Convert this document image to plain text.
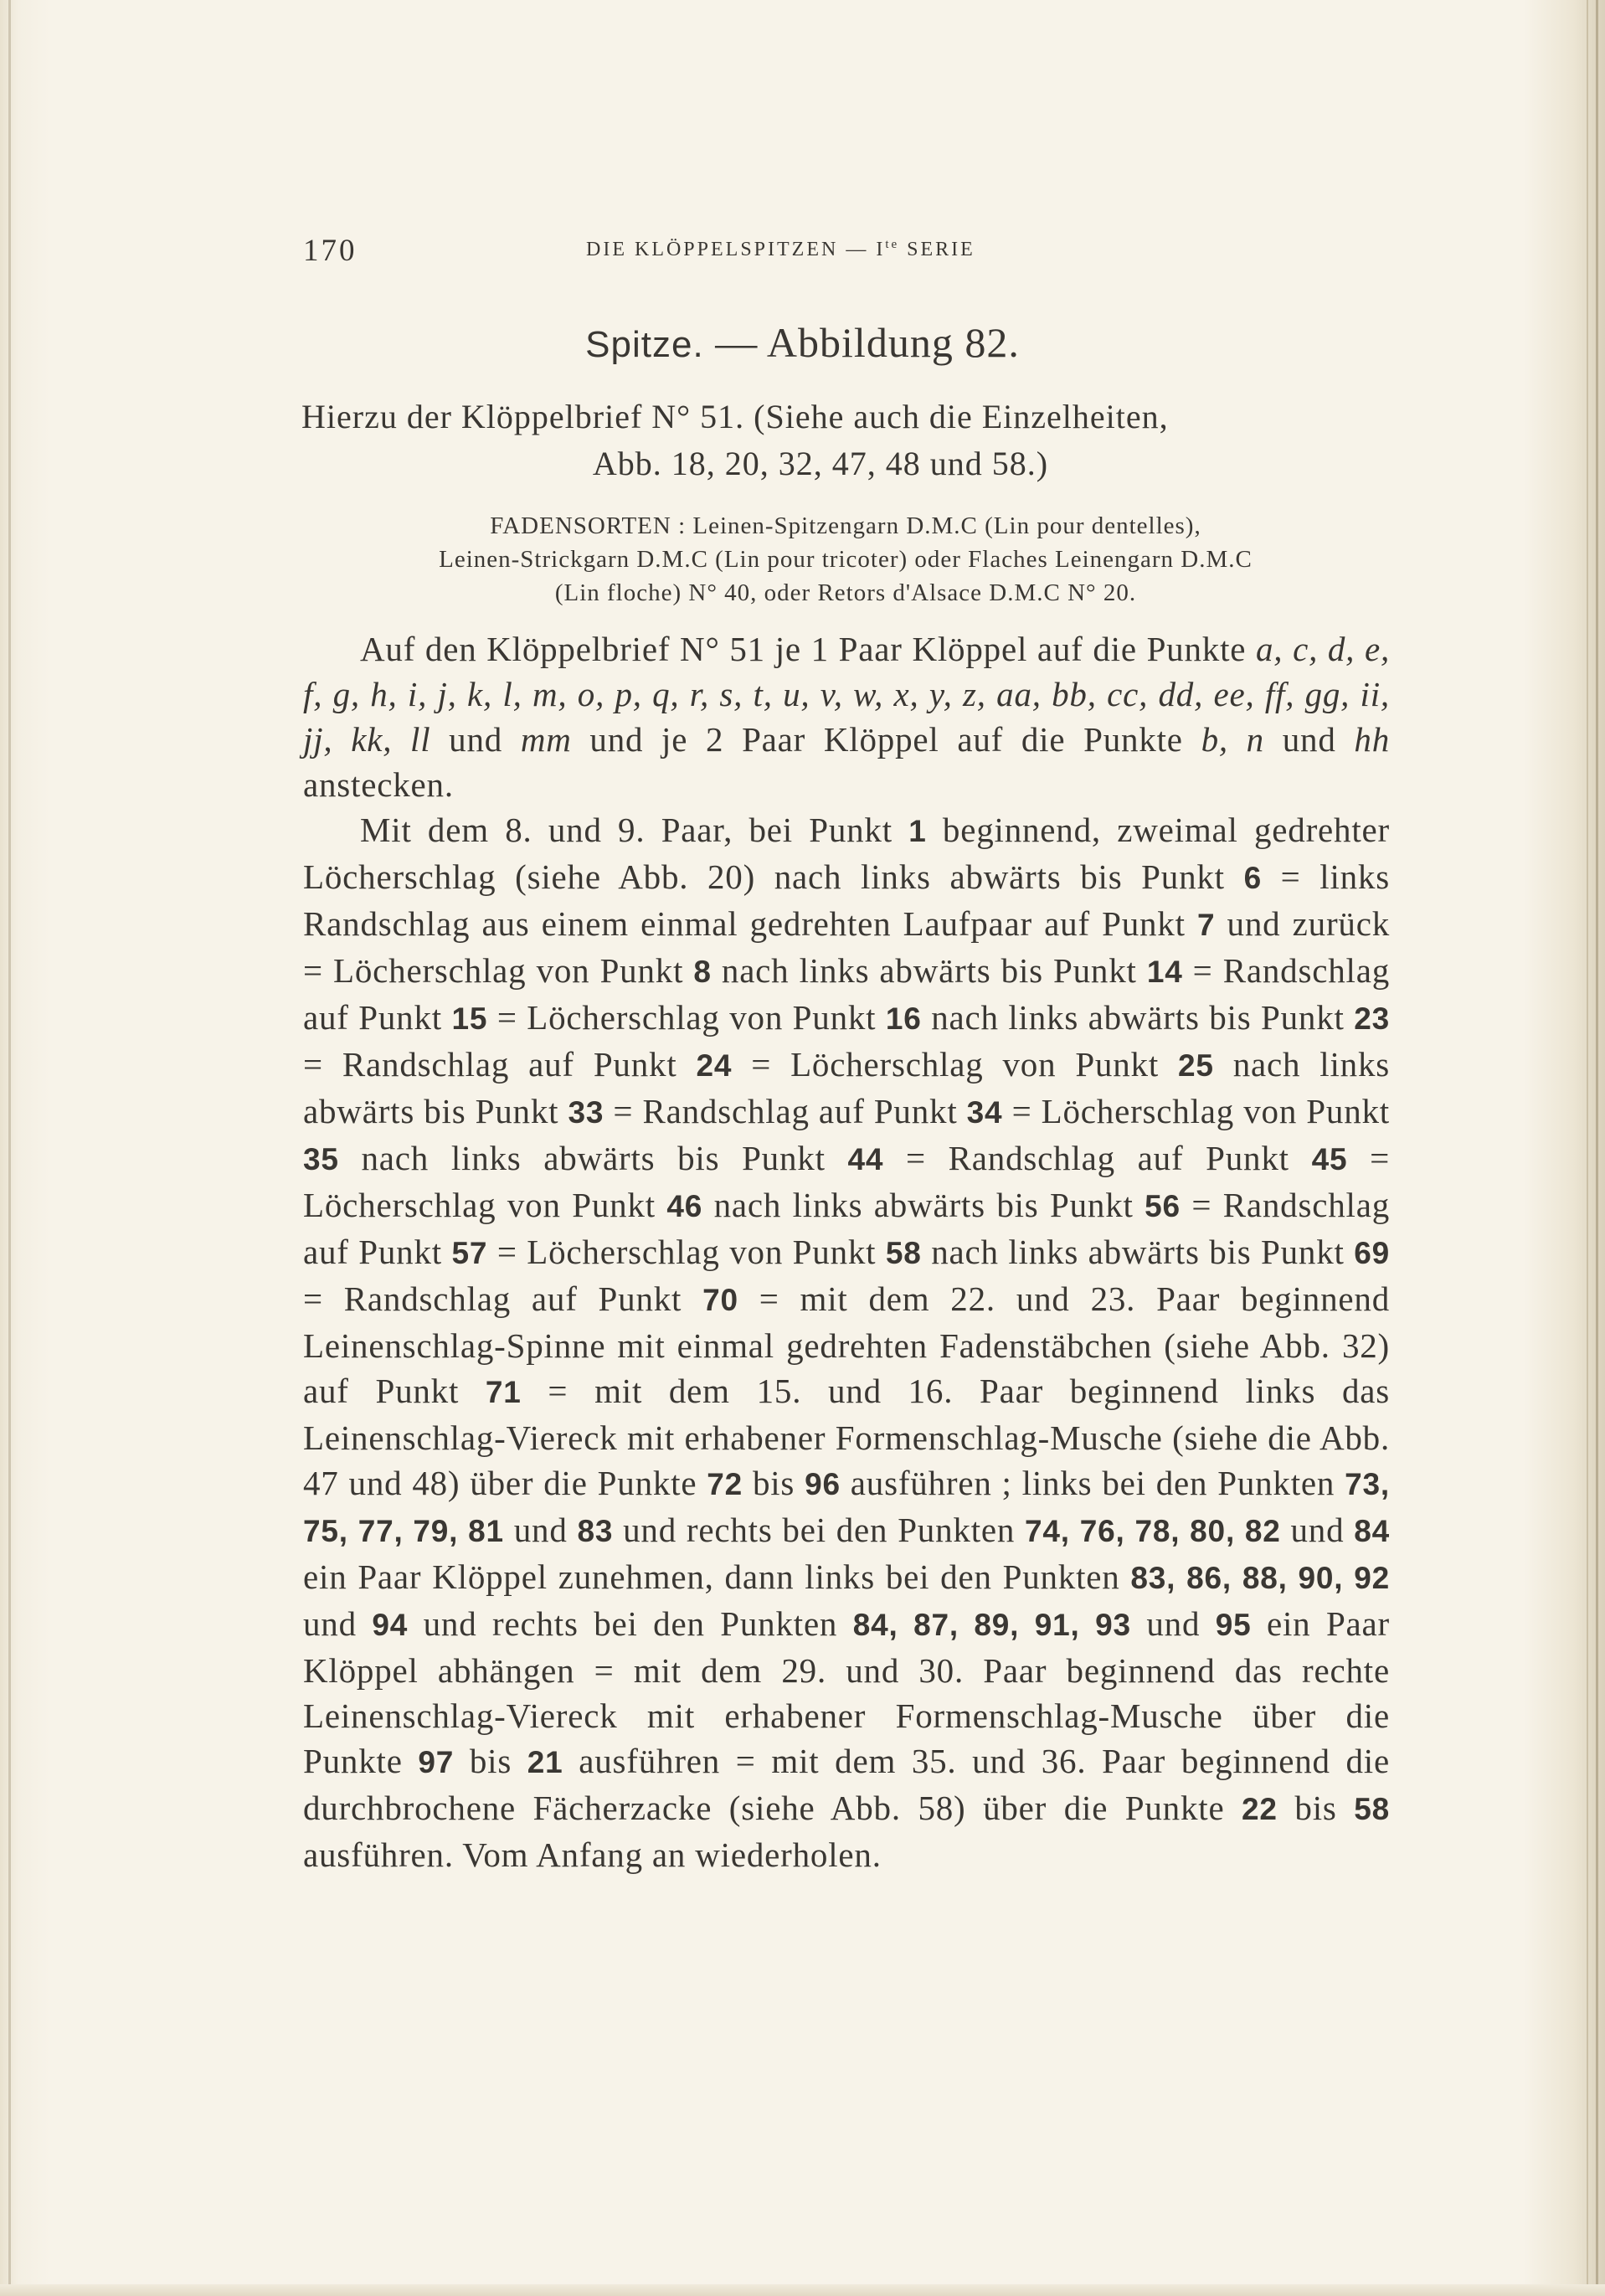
170	DIE KLÖPPELSPITZEN — $I^{te}$ SERIE
Spitze. — Abbildung 82.
Hierzu der Klöppelbrief N° 51. (Siehe auch die Einzelheiten,
Abb. 18, 20, 32, 47, 48 und 58.)
FADENSORTEN : Leinen-Spitzengarn D.M.C (Lin pour dentelles),
Leinen-Strickgarn D.M.C (Lin pour tricoter) oder Flaches Leinengarn D.M.C
(Lin floche) N° 40, oder Retors d'Alsace D.M.C N° 20.

Auf den Klöppelbrief N° 51 je 1 Paar Klöppel auf die Punkte a, c, d, e, f, g, h, i, j, k, l, m, o, p, q, r, s, t, u, v, w, x, y, z, aa, bb, cc, dd, ee, ff, gg, ii, jj, kk, ll und mm und je 2 Paar Klöppel auf die Punkte b, n und hh anstecken.

Mit dem 8. und 9. Paar, bei Punkt 1 beginnend, zweimal gedrehter Löcherschlag (siehe Abb. 20) nach links abwärts bis Punkt 6 = links Randschlag aus einem einmal gedrehten Laufpaar auf Punkt 7 und zurück = Löcherschlag von Punkt 8 nach links abwärts bis Punkt 14 = Randschlag auf Punkt 15 = Löcherschlag von Punkt 16 nach links abwärts bis Punkt 23 = Randschlag auf Punkt 24 = Löcherschlag von Punkt 25 nach links abwärts bis Punkt 33 = Randschlag auf Punkt 34 = Löcherschlag von Punkt 35 nach links abwärts bis Punkt 44 = Randschlag auf Punkt 45 = Löcherschlag von Punkt 46 nach links abwärts bis Punkt 56 = Randschlag auf Punkt 57 = Löcherschlag von Punkt 58 nach links abwärts bis Punkt 69 = Randschlag auf Punkt 70 = mit dem 22. und 23. Paar beginnend Leinenschlag-Spinne mit einmal gedrehten Fadenstäbchen (siehe Abb. 32) auf Punkt 71 = mit dem 15. und 16. Paar beginnend links das Leinenschlag-Viereck mit erhabener Formenschlag-Musche (siehe die Abb. 47 und 48) über die Punkte 72 bis 96 ausführen ; links bei den Punkten 73, 75, 77, 79, 81 und 83 und rechts bei den Punkten 74, 76, 78, 80, 82 und 84 ein Paar Klöppel zunehmen, dann links bei den Punkten 83, 86, 88, 90, 92 und 94 und rechts bei den Punkten 84, 87, 89, 91, 93 und 95 ein Paar Klöppel abhängen = mit dem 29. und 30. Paar beginnend das rechte Leinenschlag-Viereck mit erhabener Formenschlag-Musche über die Punkte 97 bis 21 ausführen = mit dem 35. und 36. Paar beginnend die durchbrochene Fächerzacke (siehe Abb. 58) über die Punkte 22 bis 58 ausführen. Vom Anfang an wiederholen.
